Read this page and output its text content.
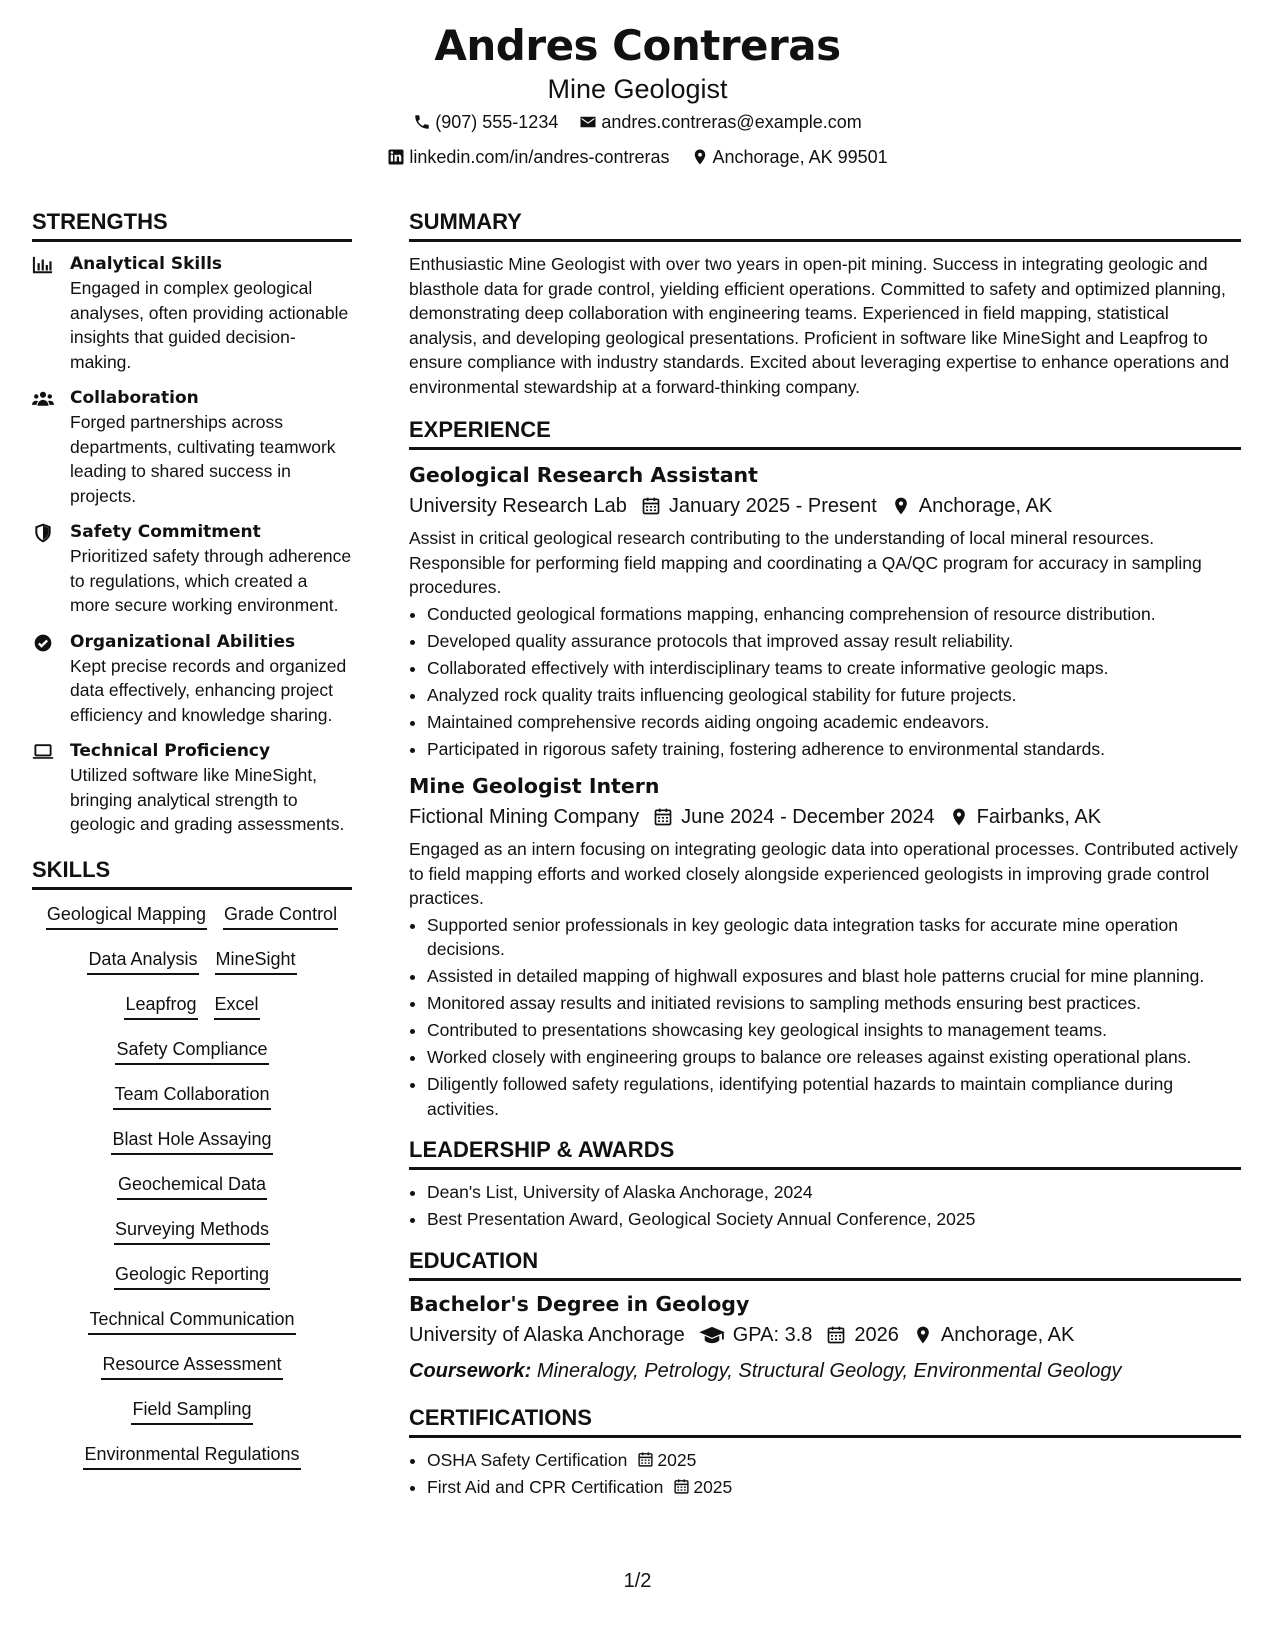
Andres Contreras
Mine Geologist
(907) 555-1234
andres.contreras@example.com
linkedin.com/in/andres-contreras
Anchorage, AK 99501
STRENGTHS
Analytical Skills
Engaged in complex geological analyses, often providing actionable insights that guided decision-making.
Collaboration
Forged partnerships across departments, cultivating teamwork leading to shared success in projects.
Safety Commitment
Prioritized safety through adherence to regulations, which created a more secure working environment.
Organizational Abilities
Kept precise records and organized data effectively, enhancing project efficiency and knowledge sharing.
Technical Proficiency
Utilized software like MineSight, bringing analytical strength to geologic and grading assessments.
SKILLS
Geological Mapping Grade Control
Data Analysis MineSight
Leapfrog Excel
Safety Compliance
Team Collaboration
Blast Hole Assaying
Geochemical Data
Surveying Methods
Geologic Reporting
Technical Communication
Resource Assessment
Field Sampling
Environmental Regulations
SUMMARY
Enthusiastic Mine Geologist with over two years in open-pit mining. Success in integrating geologic and blasthole data for grade control, yielding efficient operations. Committed to safety and optimized planning, demonstrating deep collaboration with engineering teams. Experienced in field mapping, statistical analysis, and developing geological presentations. Proficient in software like MineSight and Leapfrog to ensure compliance with industry standards. Excited about leveraging expertise to enhance operations and environmental stewardship at a forward-thinking company.
EXPERIENCE
Geological Research Assistant
University Research Lab January 2025 - Present Anchorage, AK
Assist in critical geological research contributing to the understanding of local mineral resources. Responsible for performing field mapping and coordinating a QA/QC program for accuracy in sampling procedures.
• Conducted geological formations mapping, enhancing comprehension of resource distribution.
• Developed quality assurance protocols that improved assay result reliability.
• Collaborated effectively with interdisciplinary teams to create informative geologic maps.
• Analyzed rock quality traits influencing geological stability for future projects.
• Maintained comprehensive records aiding ongoing academic endeavors.
• Participated in rigorous safety training, fostering adherence to environmental standards.
Mine Geologist Intern
Fictional Mining Company June 2024 - December 2024 Fairbanks, AK
Engaged as an intern focusing on integrating geologic data into operational processes. Contributed actively to field mapping efforts and worked closely alongside experienced geologists in improving grade control practices.
• Supported senior professionals in key geologic data integration tasks for accurate mine operation decisions.
• Assisted in detailed mapping of highwall exposures and blast hole patterns crucial for mine planning.
• Monitored assay results and initiated revisions to sampling methods ensuring best practices.
• Contributed to presentations showcasing key geological insights to management teams.
• Worked closely with engineering groups to balance ore releases against existing operational plans.
• Diligently followed safety regulations, identifying potential hazards to maintain compliance during activities.
LEADERSHIP & AWARDS
• Dean's List, University of Alaska Anchorage, 2024
• Best Presentation Award, Geological Society Annual Conference, 2025
EDUCATION
Bachelor's Degree in Geology
University of Alaska Anchorage GPA: 3.8 2026 Anchorage, AK
Coursework: Mineralogy, Petrology, Structural Geology, Environmental Geology
CERTIFICATIONS
• OSHA Safety Certification 2025
• First Aid and CPR Certification 2025
1/2
